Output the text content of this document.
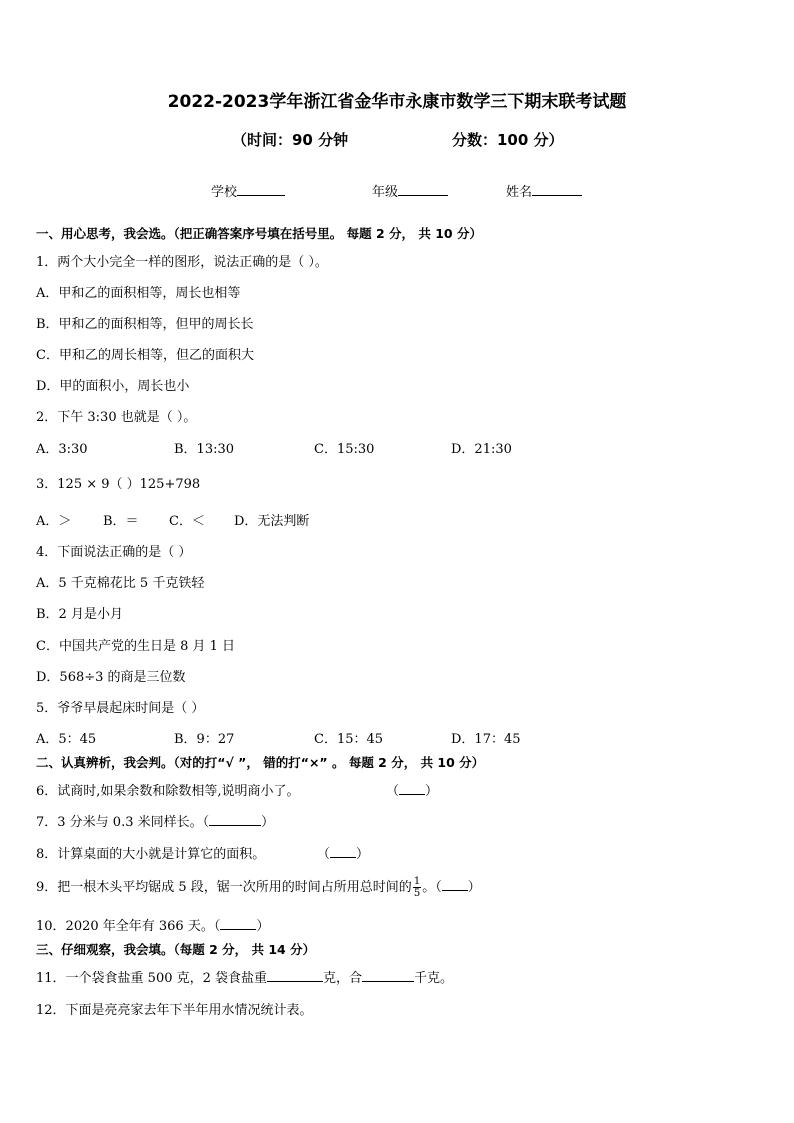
2022-2023学年浙江省金华市永康市数学三下期末联考试题
（时间：90 分钟	分数：100 分）
学校	年级	姓名
一、用心思考，我会选。（把正确答案序号填在括号里。 每题 2 分， 共 10 分）
1．两个大小完全一样的图形，说法正确的是（ ）。
A．甲和乙的面积相等，周长也相等
B．甲和乙的面积相等，但甲的周长长
C．甲和乙的周长相等，但乙的面积大
D．甲的面积小，周长也小
2．下午 3:30 也就是（ ）。
A．3:30	B．13:30	C．15:30	D．21:30
3．125 × 9（ ）125+798
A．＞ B．＝ C．＜ D．无法判断
4．下面说法正确的是（ ）
A．5 千克棉花比 5 千克铁轻
B．2 月是小月
C．中国共产党的生日是 8 月 1 日
D．568÷3 的商是三位数
5．爷爷早晨起床时间是（ ）
A．5：45	B．9：27	C．15：45	D．17：45
二、认真辨析，我会判。（对的打“√ ”， 错的打“×” 。 每题 2 分， 共 10 分）
6．试商时,如果余数和除数相等,说明商小了。	（ ）
7．3 分米与 0.3 米同样长。（	）
8．计算桌面的大小就是计算它的面积。	（ ）
9．把一根木头平均锯成 5 段，锯一次所用的时间占所用总时间的 $\frac{1}{5}$ 。（ ）
10．2020 年全年有 366 天。（	）
三、仔细观察，我会填。（每题 2 分， 共 14 分）
11．一个袋食盐重 500 克，2 袋食盐重	克，合	千克。
12．下面是亮亮家去年下半年用水情况统计表。
